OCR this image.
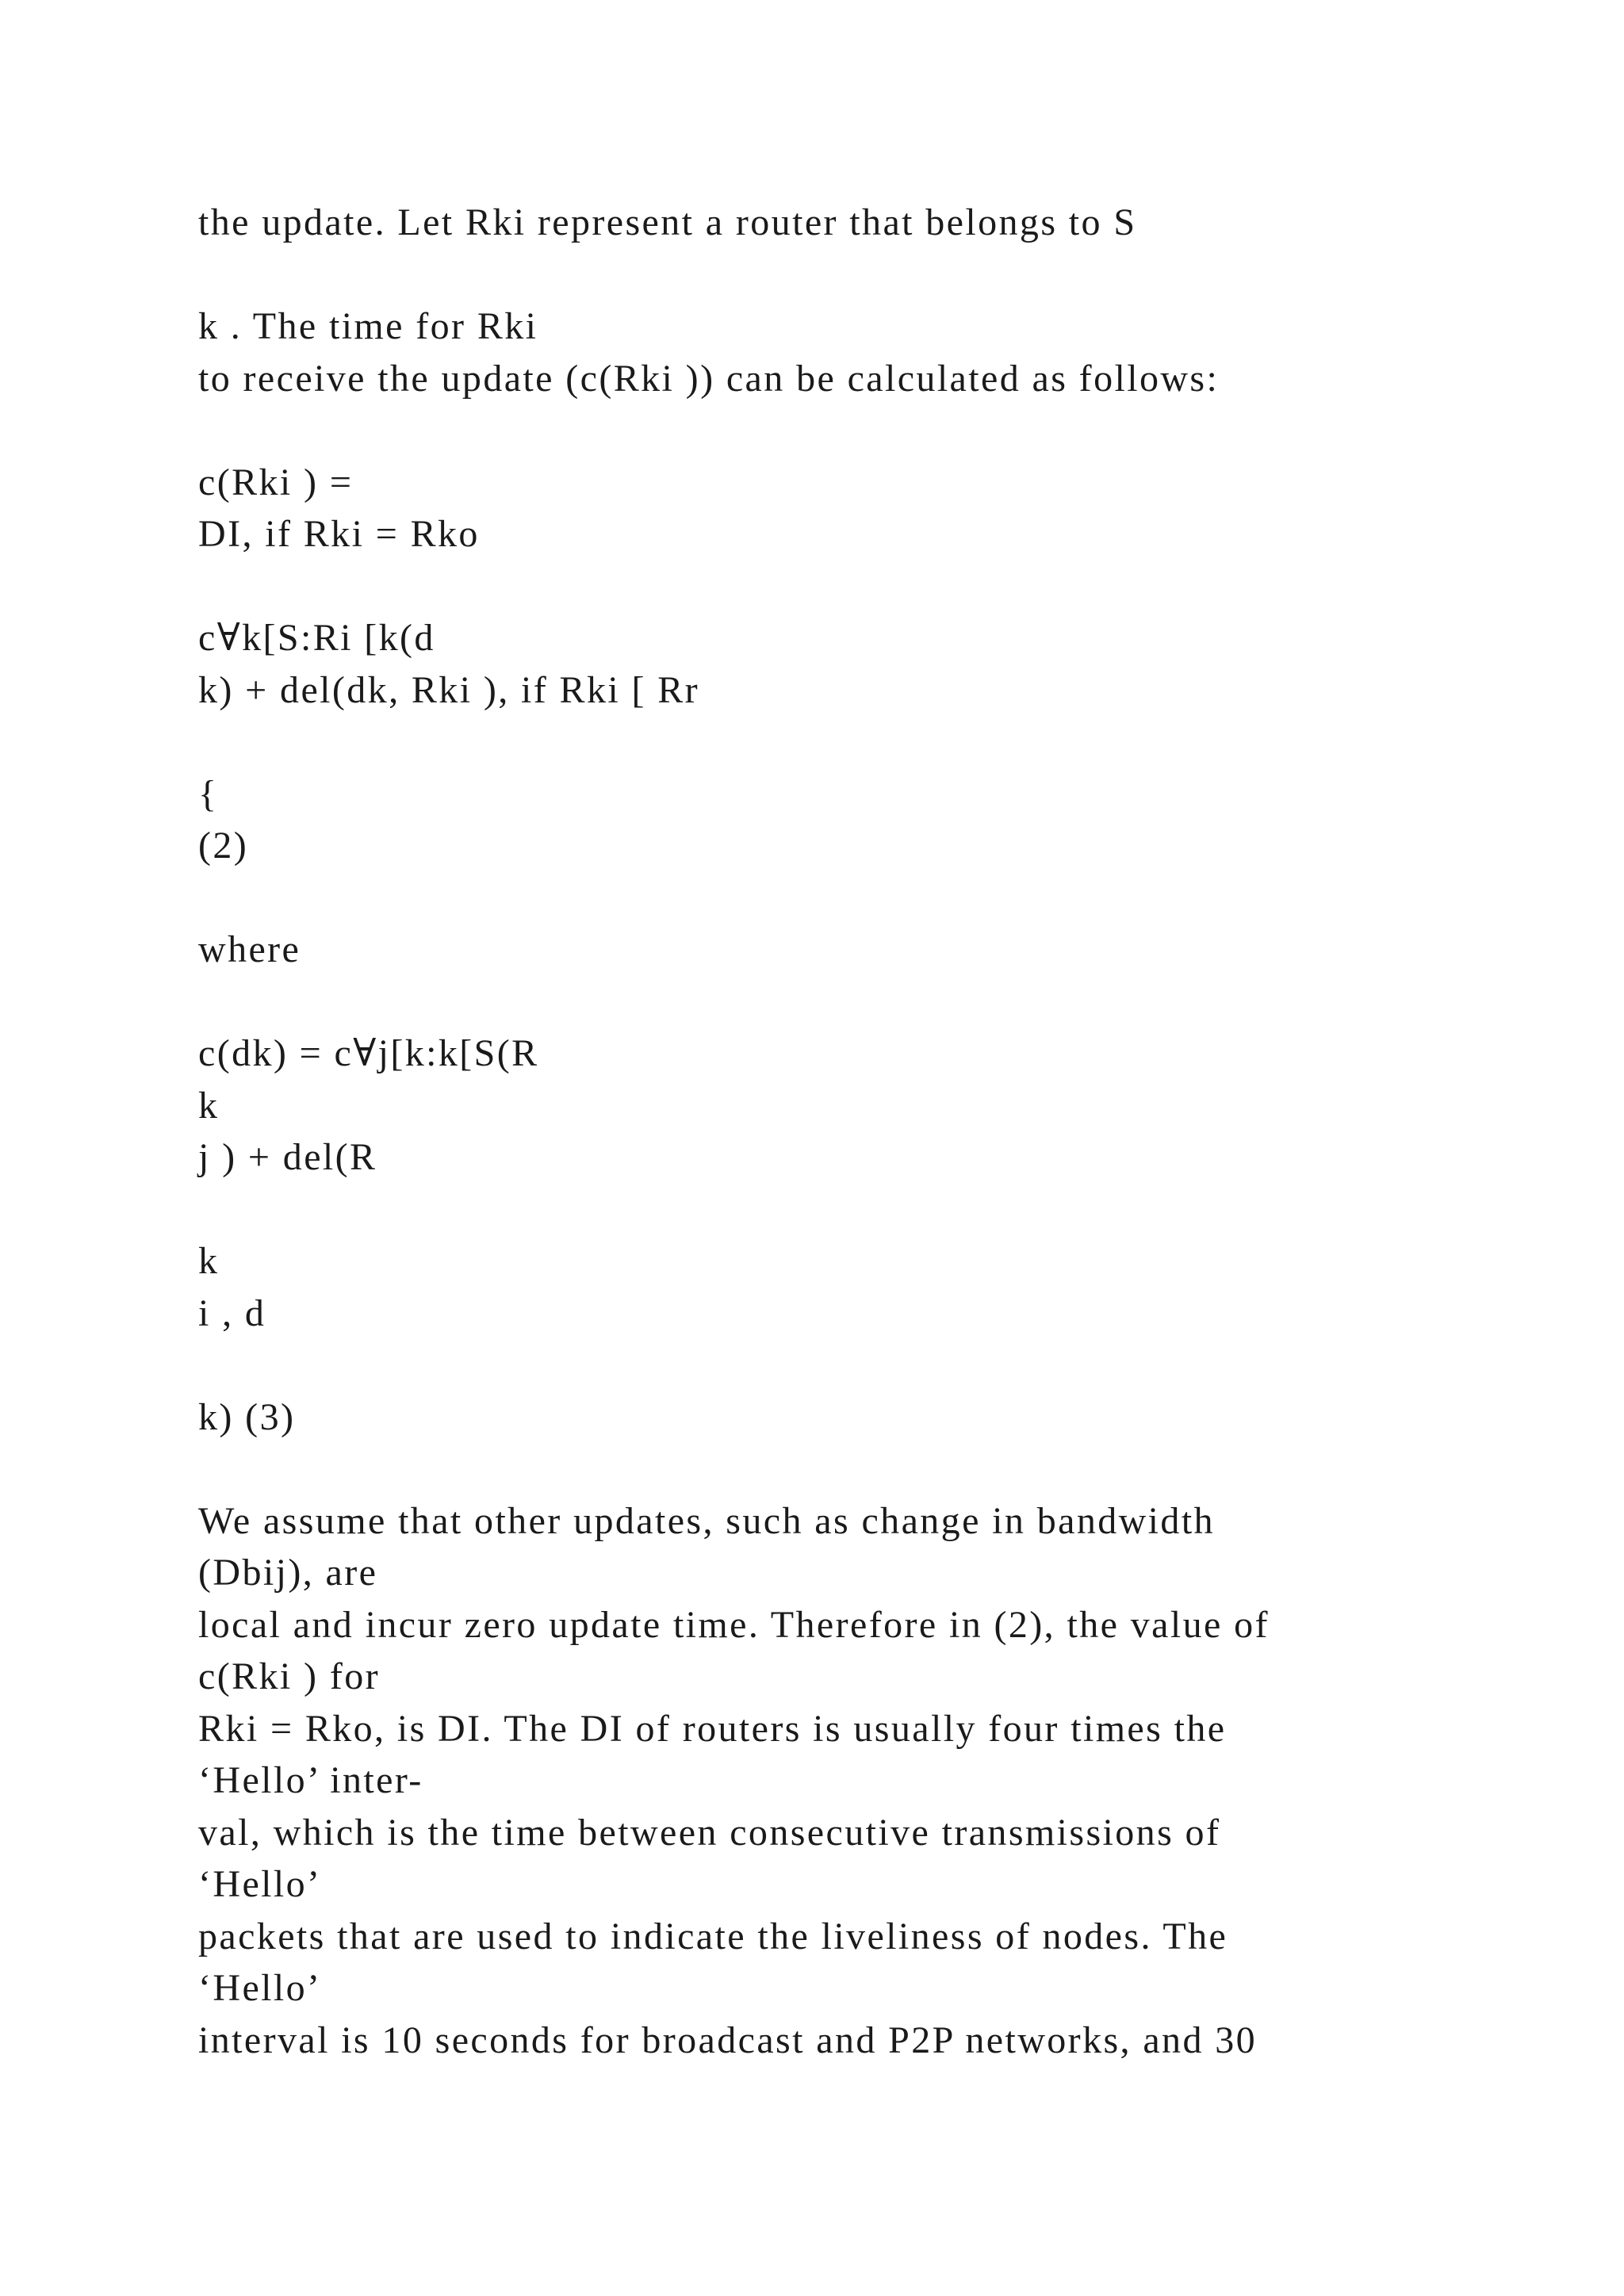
the update. Let Rki represent a router that belongs to S
k . The time for Rki
to receive the update (c(Rki )) can be calculated as follows:
c(Rki ) =
DI, if Rki = Rko
c∀k[S:Ri [k(d
k) + del(dk, Rki ), if Rki [ Rr
{
(2)
where
c(dk) = c∀j[k:k[S(R
k
j ) + del(R
k
i , d
k) (3)
We assume that other updates, such as change in bandwidth
(Dbij), are
local and incur zero update time. Therefore in (2), the value of
c(Rki ) for
Rki = Rko, is DI. The DI of routers is usually four times the
‘Hello’ inter-
val, which is the time between consecutive transmissions of
‘Hello’
packets that are used to indicate the liveliness of nodes. The
‘Hello’
interval is 10 seconds for broadcast and P2P networks, and 30
